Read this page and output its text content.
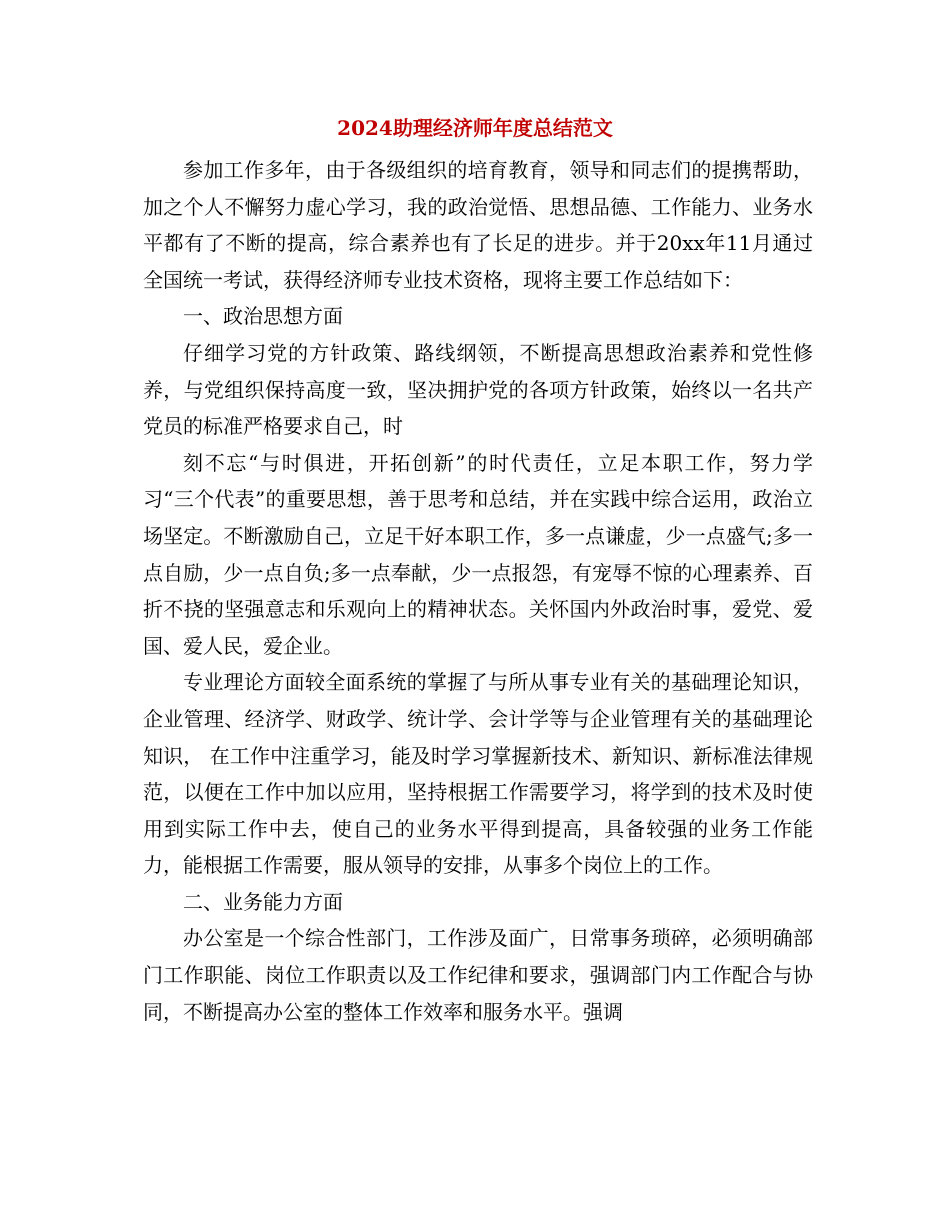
2024助理经济师年度总结范文

参加工作多年，由于各级组织的培育教育，领导和同志们的提携帮助，加之个人不懈努力虚心学习，我的政治觉悟、思想品德、工作能力、业务水平都有了不断的提高，综合素养也有了长足的进步。并于20xx年11月通过全国统一考试，获得经济师专业技术资格，现将主要工作总结如下：

一、政治思想方面

仔细学习党的方针政策、路线纲领，不断提高思想政治素养和党性修养，与党组织保持高度一致，坚决拥护党的各项方针政策，始终以一名共产党员的标准严格要求自己，时

刻不忘“与时俱进，开拓创新”的时代责任，立足本职工作，努力学习“三个代表”的重要思想，善于思考和总结，并在实践中综合运用，政治立场坚定。不断激励自己，立足干好本职工作，多一点谦虚，少一点盛气;多一点自励，少一点自负;多一点奉献，少一点报怨，有宠辱不惊的心理素养、百折不挠的坚强意志和乐观向上的精神状态。关怀国内外政治时事，爱党、爱国、爱人民，爱企业。

专业理论方面较全面系统的掌握了与所从事专业有关的基础理论知识，企业管理、经济学、财政学、统计学、会计学等与企业管理有关的基础理论知识， 在工作中注重学习，能及时学习掌握新技术、新知识、新标准法律规范，以便在工作中加以应用，坚持根据工作需要学习，将学到的技术及时使用到实际工作中去，使自己的业务水平得到提高，具备较强的业务工作能力，能根据工作需要，服从领导的安排，从事多个岗位上的工作。

二、业务能力方面

办公室是一个综合性部门，工作涉及面广，日常事务琐碎，必须明确部门工作职能、岗位工作职责以及工作纪律和要求，强调部门内工作配合与协同，不断提高办公室的整体工作效率和服务水平。强调
